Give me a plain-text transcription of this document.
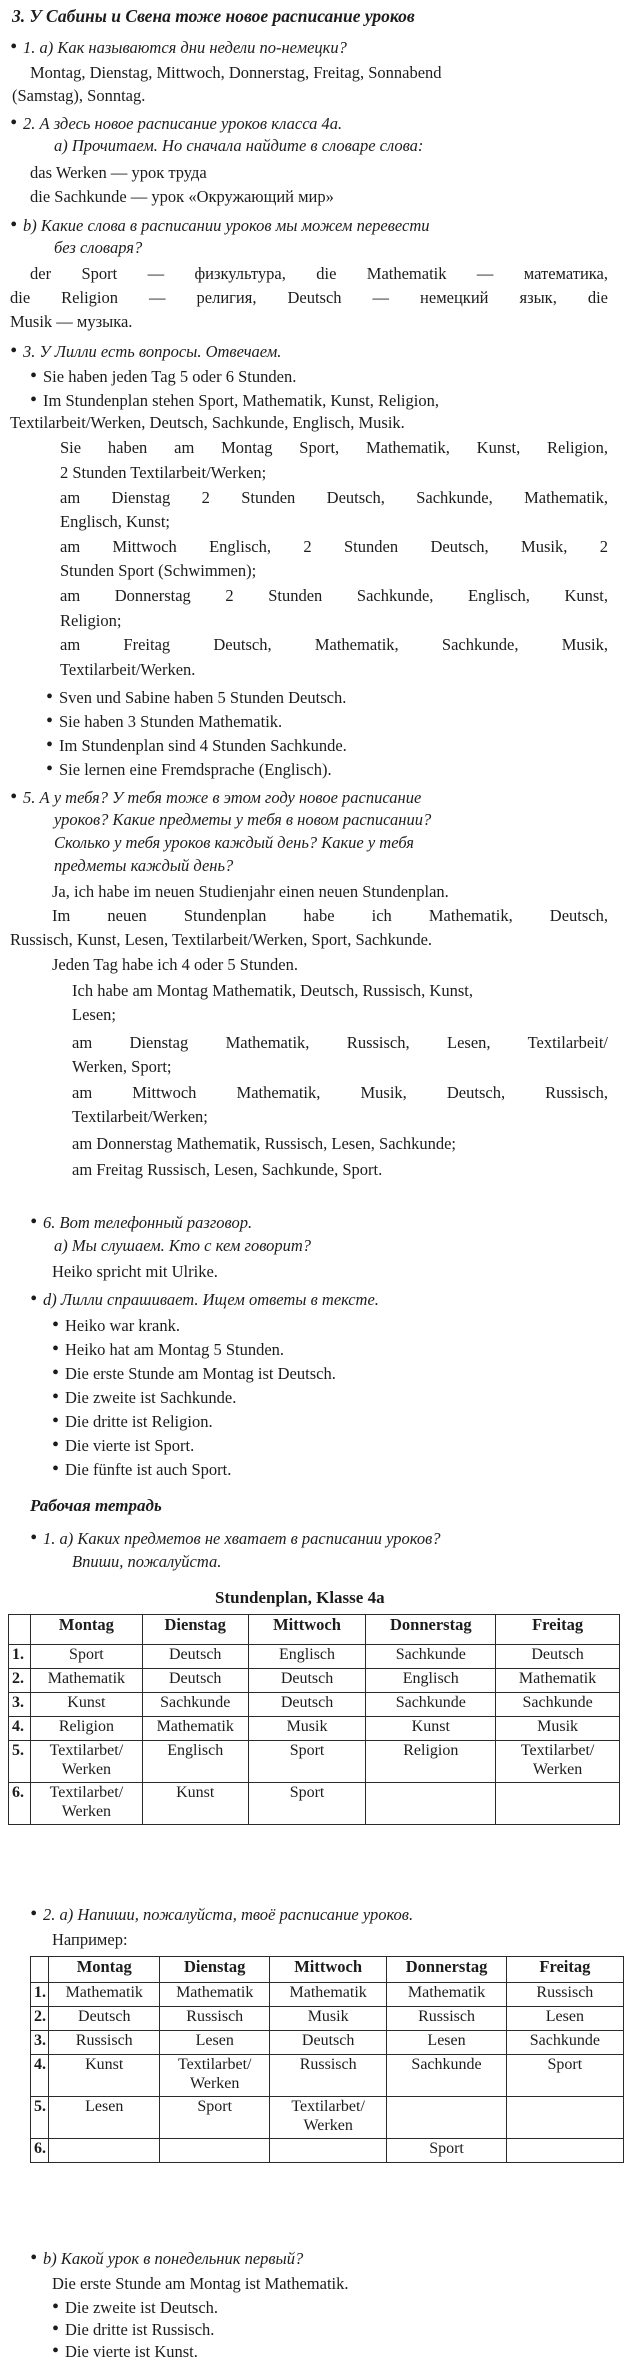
3. У Сабины и Свена тоже новое расписание уроков
• 1. а) Как называются дни недели по-немецки?
Montag, Dienstag, Mittwoch, Donnerstag, Freitag, Sonnabend
(Samstag), Sonntag.
• 2. А здесь новое расписание уроков класса 4а.
а) Прочитаем. Но сначала найдите в словаре слова:
das Werken — урок труда
die Sachkunde — урок «Окружающий мир»
• b) Какие слова в расписании уроков мы можем перевести
без словаря?
der Sport — физкультура, die Mathematik — математика,
die Religion — религия, Deutsch — немецкий язык, die
Musik — музыка.
• 3. У Лилли есть вопросы. Отвечаем.
• Sie haben jeden Tag 5 oder 6 Stunden.
• Im Stundenplan stehen Sport, Mathematik, Kunst, Religion,
Textilarbeit/Werken, Deutsch, Sachkunde, Englisch, Musik.
Sie haben am Montag Sport, Mathematik, Kunst, Religion,
2 Stunden Textilarbeit/Werken;
am Dienstag 2 Stunden Deutsch, Sachkunde, Mathematik,
Englisch, Kunst;
am Mittwoch Englisch, 2 Stunden Deutsch, Musik, 2
Stunden Sport (Schwimmen);
am Donnerstag 2 Stunden Sachkunde, Englisch, Kunst,
Religion;
am Freitag Deutsch, Mathematik, Sachkunde, Musik,
Textilarbeit/Werken.
• Sven und Sabine haben 5 Stunden Deutsch.
• Sie haben 3 Stunden Mathematik.
• Im Stundenplan sind 4 Stunden Sachkunde.
• Sie lernen eine Fremdsprache (Englisch).
• 5. А у тебя? У тебя тоже в этом году новое расписание
уроков? Какие предметы у тебя в новом расписании?
Сколько у тебя уроков каждый день? Какие у тебя
предметы каждый день?
Ja, ich habe im neuen Studienjahr einen neuen Stundenplan.
Im neuen Stundenplan habe ich Mathematik, Deutsch,
Russisch, Kunst, Lesen, Textilarbeit/Werken, Sport, Sachkunde.
Jeden Tag habe ich 4 oder 5 Stunden.
Ich habe am Montag Mathematik, Deutsch, Russisch, Kunst,
Lesen;
am Dienstag Mathematik, Russisch, Lesen, Textilarbeit/
Werken, Sport;
am Mittwoch Mathematik, Musik, Deutsch, Russisch,
Textilarbeit/Werken;
am Donnerstag Mathematik, Russisch, Lesen, Sachkunde;
am Freitag Russisch, Lesen, Sachkunde, Sport.
• 6. Вот телефонный разговор.
а) Мы слушаем. Кто с кем говорит?
Heiko spricht mit Ulrike.
• d) Лилли спрашивает. Ищем ответы в тексте.
• Heiko war krank.
• Heiko hat am Montag 5 Stunden.
• Die erste Stunde am Montag ist Deutsch.
• Die zweite ist Sachkunde.
• Die dritte ist Religion.
• Die vierte ist Sport.
• Die fünfte ist auch Sport.
Рабочая тетрадь
• 1. а) Каких предметов не хватает в расписании уроков?
Впиши, пожалуйста.
Stundenplan, Klasse 4a
	Montag	Dienstag	Mittwoch	Donnerstag	Freitag
1.	Sport	Deutsch	Englisch	Sachkunde	Deutsch
2.	Mathematik	Deutsch	Deutsch	Englisch	Mathematik
3.	Kunst	Sachkunde	Deutsch	Sachkunde	Sachkunde
4.	Religion	Mathematik	Musik	Kunst	Musik
5.	Textilarbet/ Werken	Englisch	Sport	Religion	Textilarbet/ Werken
6.	Textilarbet/ Werken	Kunst	Sport		
• 2. а) Напиши, пожалуйста, твоё расписание уроков.
Например:
	Montag	Dienstag	Mittwoch	Donnerstag	Freitag
1.	Mathematik	Mathematik	Mathematik	Mathematik	Russisch
2.	Deutsch	Russisch	Musik	Russisch	Lesen
3.	Russisch	Lesen	Deutsch	Lesen	Sachkunde
4.	Kunst	Textilarbet/ Werken	Russisch	Sachkunde	Sport
5.	Lesen	Sport	Textilarbet/ Werken		
6.				Sport	
• b) Какой урок в понедельник первый?
Die erste Stunde am Montag ist Mathematik.
• Die zweite ist Deutsch.
• Die dritte ist Russisch.
• Die vierte ist Kunst.
